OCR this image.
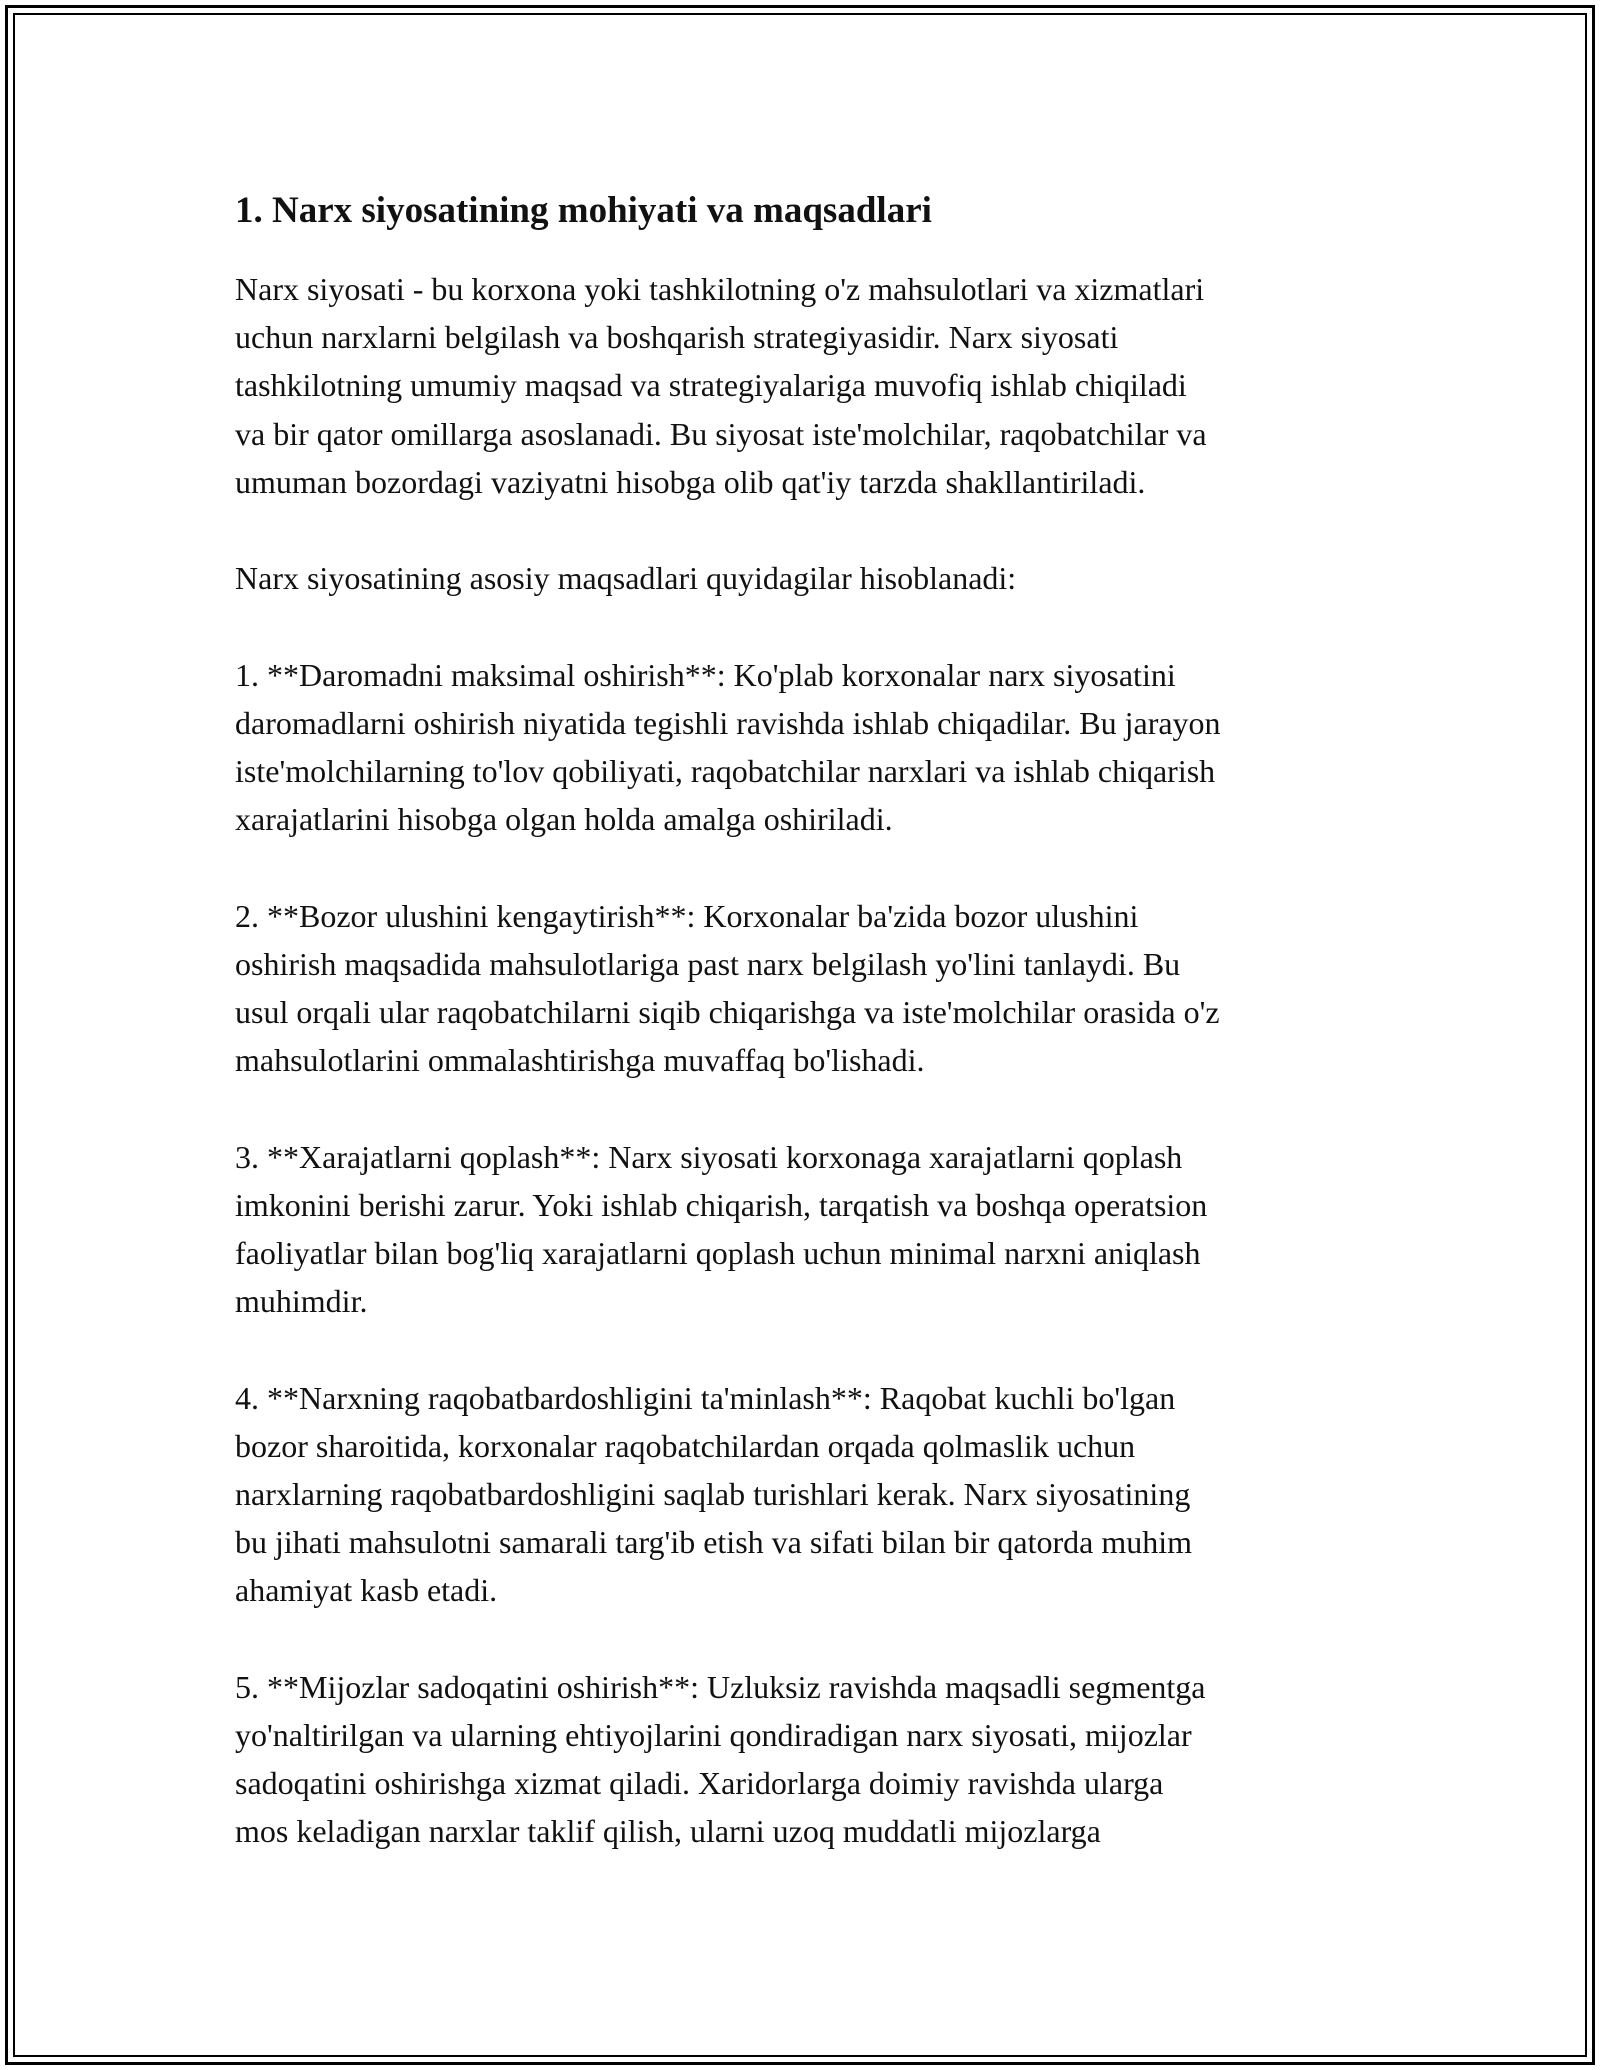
1. Narx siyosatining mohiyati va maqsadlari

Narx siyosati - bu korxona yoki tashkilotning o'z mahsulotlari va xizmatlari
uchun narxlarni belgilash va boshqarish strategiyasidir. Narx siyosati
tashkilotning umumiy maqsad va strategiyalariga muvofiq ishlab chiqiladi
va bir qator omillarga asoslanadi. Bu siyosat iste'molchilar, raqobatchilar va
umuman bozordagi vaziyatni hisobga olib qat'iy tarzda shakllantiriladi.

Narx siyosatining asosiy maqsadlari quyidagilar hisoblanadi:

1. **Daromadni maksimal oshirish**: Ko'plab korxonalar narx siyosatini
daromadlarni oshirish niyatida tegishli ravishda ishlab chiqadilar. Bu jarayon
iste'molchilarning to'lov qobiliyati, raqobatchilar narxlari va ishlab chiqarish
xarajatlarini hisobga olgan holda amalga oshiriladi.

2. **Bozor ulushini kengaytirish**: Korxonalar ba'zida bozor ulushini
oshirish maqsadida mahsulotlariga past narx belgilash yo'lini tanlaydi. Bu
usul orqali ular raqobatchilarni siqib chiqarishga va iste'molchilar orasida o'z
mahsulotlarini ommalashtirishga muvaffaq bo'lishadi.

3. **Xarajatlarni qoplash**: Narx siyosati korxonaga xarajatlarni qoplash
imkonini berishi zarur. Yoki ishlab chiqarish, tarqatish va boshqa operatsion
faoliyatlar bilan bog'liq xarajatlarni qoplash uchun minimal narxni aniqlash
muhimdir.

4. **Narxning raqobatbardoshligini ta'minlash**: Raqobat kuchli bo'lgan
bozor sharoitida, korxonalar raqobatchilardan orqada qolmaslik uchun
narxlarning raqobatbardoshligini saqlab turishlari kerak. Narx siyosatining
bu jihati mahsulotni samarali targ'ib etish va sifati bilan bir qatorda muhim
ahamiyat kasb etadi.

5. **Mijozlar sadoqatini oshirish**: Uzluksiz ravishda maqsadli segmentga
yo'naltirilgan va ularning ehtiyojlarini qondiradigan narx siyosati, mijozlar
sadoqatini oshirishga xizmat qiladi. Xaridorlarga doimiy ravishda ularga
mos keladigan narxlar taklif qilish, ularni uzoq muddatli mijozlarga
